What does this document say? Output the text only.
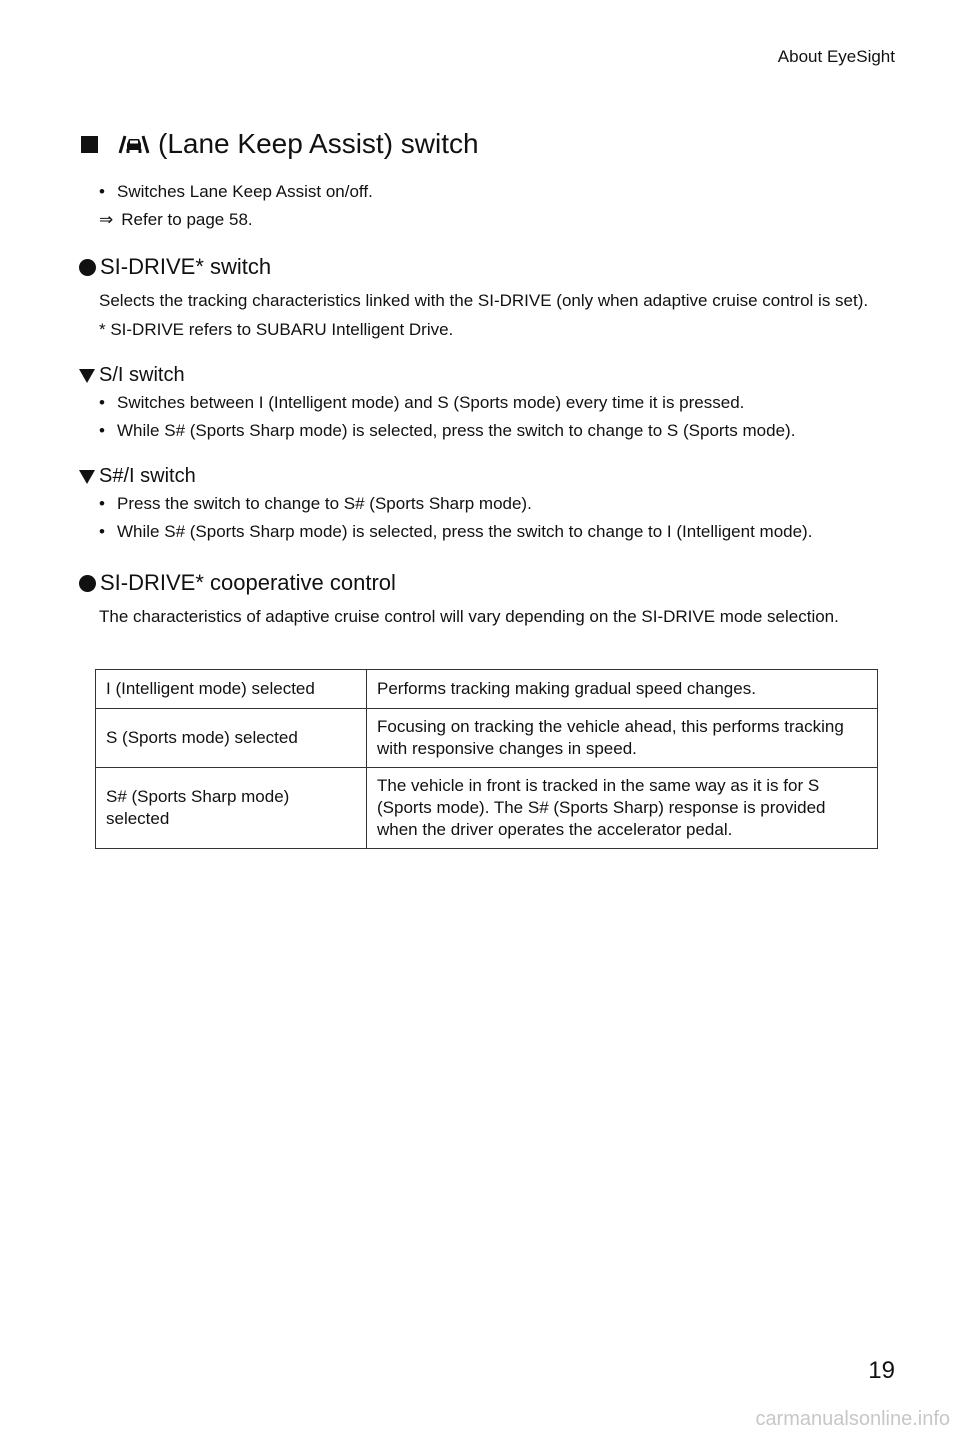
About EyeSight
(Lane Keep Assist) switch
• Switches Lane Keep Assist on/off.
⇒ Refer to page 58.
SI-DRIVE* switch
Selects the tracking characteristics linked with the SI-DRIVE (only when adaptive cruise control is set).
* SI-DRIVE refers to SUBARU Intelligent Drive.
S/I switch
• Switches between I (Intelligent mode) and S (Sports mode) every time it is pressed.
• While S# (Sports Sharp mode) is selected, press the switch to change to S (Sports mode).
S#/I switch
• Press the switch to change to S# (Sports Sharp mode).
• While S# (Sports Sharp mode) is selected, press the switch to change to I (Intelligent mode).
SI-DRIVE* cooperative control
The characteristics of adaptive cruise control will vary depending on the SI-DRIVE mode selection.
I (Intelligent mode) selected	Performs tracking making gradual speed changes.
S (Sports mode) selected	Focusing on tracking the vehicle ahead, this performs tracking with responsive changes in speed.
S# (Sports Sharp mode) selected	The vehicle in front is tracked in the same way as it is for S (Sports mode). The S# (Sports Sharp) response is provided when the driver operates the accelerator pedal.
19
carmanualsonline.info
